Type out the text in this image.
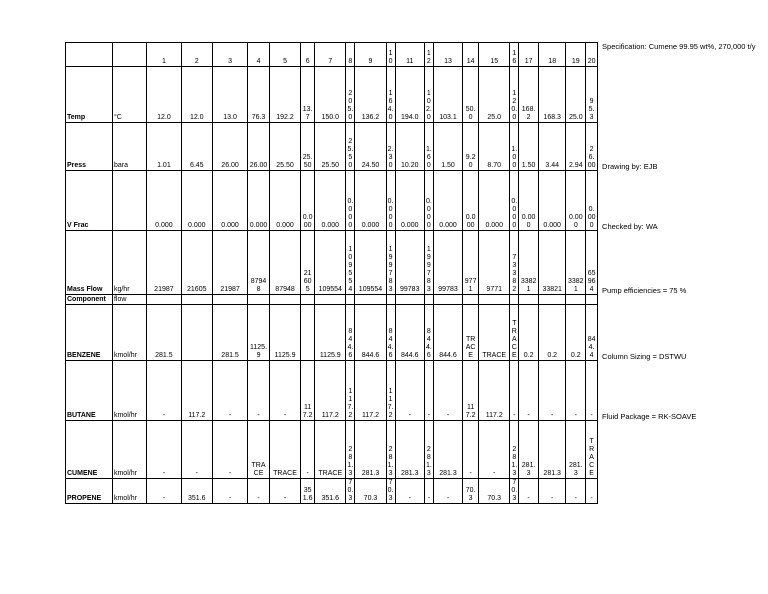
		1	2	3	4	5	6	7	8	9	10	11	12	13	14	15	16	17	18	19	20	Specification: Cumene 99.95 wt%, 270,000 t/y
Temp	°C	12.0	12.0	13.0	76.3	192.2	13.7	150.0	205.0	136.2	164.0	194.0	102.0	103.1	50.0	25.0	120.0	168.2	168.3	25.0	95.3	
Press	bara	1.01	6.45	26.00	26.00	25.50	25.50	25.50	25.50	24.50	2.30	10.20	1.60	1.50	9.20	8.70	1.00	1.50	3.44	2.94	26.00	Drawing by: EJB
V Frac		0.000	0.000	0.000	0.000	0.000	0.000	0.000	0.000	0.000	0.000	0.000	0.000	0.000	0.000	0.000	0.000	0.000	0.000	0.000	0.000	Checked by: WA
Mass Flow	kg/hr	21987	21605	21987	87948	87948	21605	109554	109554	109554	199783	99783	199783	99783	9771	9771	73382	33821	33821	33821	65964	Pump efficiencies = 75 %
Component	flow																					
BENZENE	kmol/hr	281.5		281.5	1125.9	1125.9		1125.9	844.6	844.6	844.6	844.6	844.6	844.6	TRACE	TRACE	TRACE	0.2	0.2	0.2	844.4	Column Sizing = DSTWU
BUTANE	kmol/hr	-	117.2	-	-	-	117.2	117.2	117.2	117.2	117.2	-	-	-	117.2	117.2	-	-	-	-	-	Fluid Package = RK-SOAVE
CUMENE	kmol/hr	-	-	-	TRACE	TRACE	-	TRACE	281.3	281.3	281.3	281.3	281.3	281.3	-	-	281.3	281.3	281.3	281.3	TRACE	
PROPENE	kmol/hr	-	351.6	-	-	-	351.6	351.6	70.3	70.3	70.3	-	-	-	70.3	70.3	70.3	-	-	-	-	
